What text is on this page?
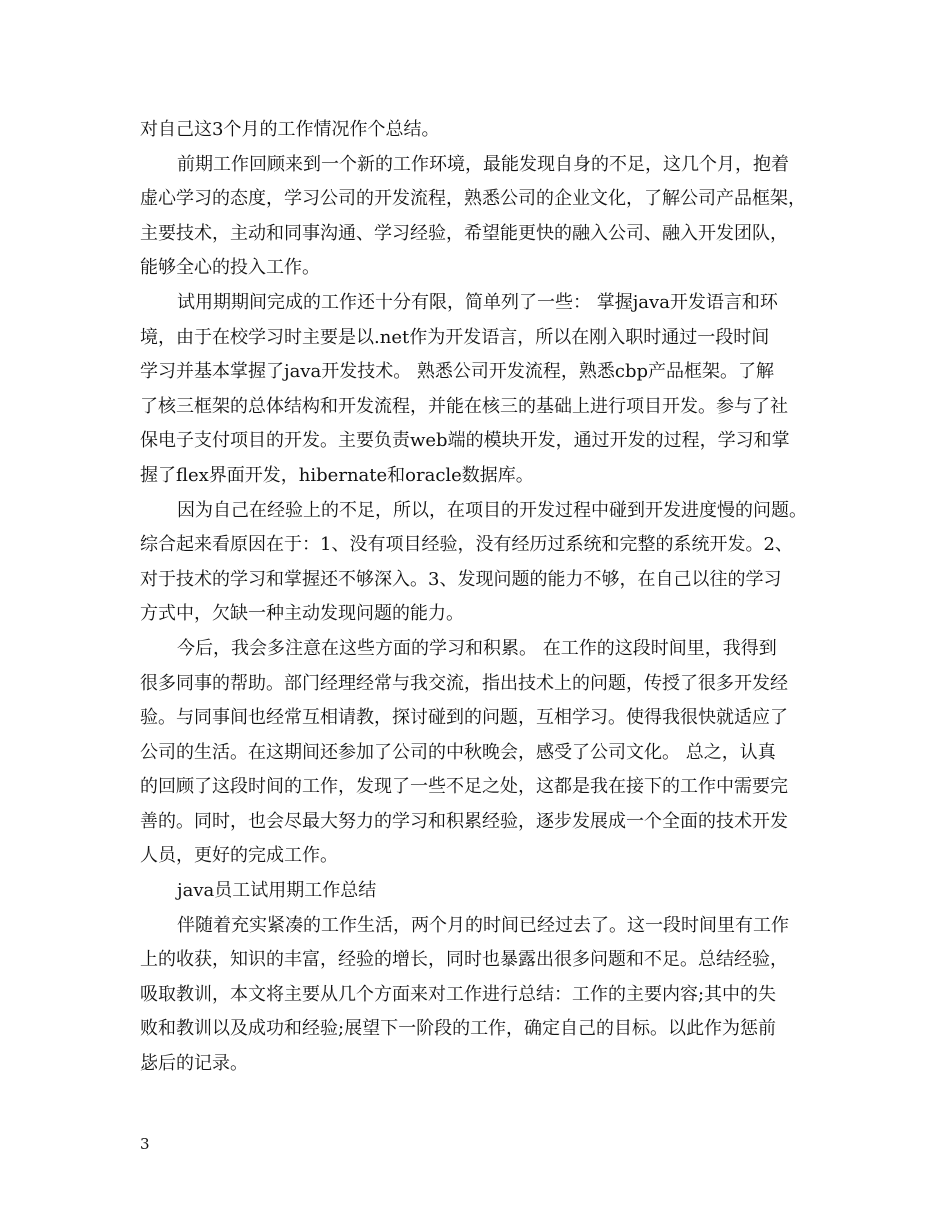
对自己这3个月的工作情况作个总结。
前期工作回顾来到一个新的工作环境，最能发现自身的不足，这几个月，抱着
虚心学习的态度，学习公司的开发流程，熟悉公司的企业文化，了解公司产品框架，
主要技术，主动和同事沟通、学习经验，希望能更快的融入公司、融入开发团队，
能够全心的投入工作。
试用期期间完成的工作还十分有限，简单列了一些： 掌握java开发语言和环
境，由于在校学习时主要是以.net作为开发语言，所以在刚入职时通过一段时间
学习并基本掌握了java开发技术。 熟悉公司开发流程，熟悉cbp产品框架。了解
了核三框架的总体结构和开发流程，并能在核三的基础上进行项目开发。参与了社
保电子支付项目的开发。主要负责web端的模块开发，通过开发的过程，学习和掌
握了flex界面开发，hibernate和oracle数据库。
因为自己在经验上的不足，所以，在项目的开发过程中碰到开发进度慢的问题。
综合起来看原因在于：1、没有项目经验，没有经历过系统和完整的系统开发。2、
对于技术的学习和掌握还不够深入。3、发现问题的能力不够，在自己以往的学习
方式中，欠缺一种主动发现问题的能力。
今后，我会多注意在这些方面的学习和积累。 在工作的这段时间里，我得到
很多同事的帮助。部门经理经常与我交流，指出技术上的问题，传授了很多开发经
验。与同事间也经常互相请教，探讨碰到的问题，互相学习。使得我很快就适应了
公司的生活。在这期间还参加了公司的中秋晚会，感受了公司文化。 总之，认真
的回顾了这段时间的工作，发现了一些不足之处，这都是我在接下的工作中需要完
善的。同时，也会尽最大努力的学习和积累经验，逐步发展成一个全面的技术开发
人员，更好的完成工作。
java员工试用期工作总结
伴随着充实紧凑的工作生活，两个月的时间已经过去了。这一段时间里有工作
上的收获，知识的丰富，经验的增长，同时也暴露出很多问题和不足。总结经验，
吸取教训，本文将主要从几个方面来对工作进行总结：工作的主要内容;其中的失
败和教训以及成功和经验;展望下一阶段的工作，确定自己的目标。以此作为惩前
毖后的记录。
3
